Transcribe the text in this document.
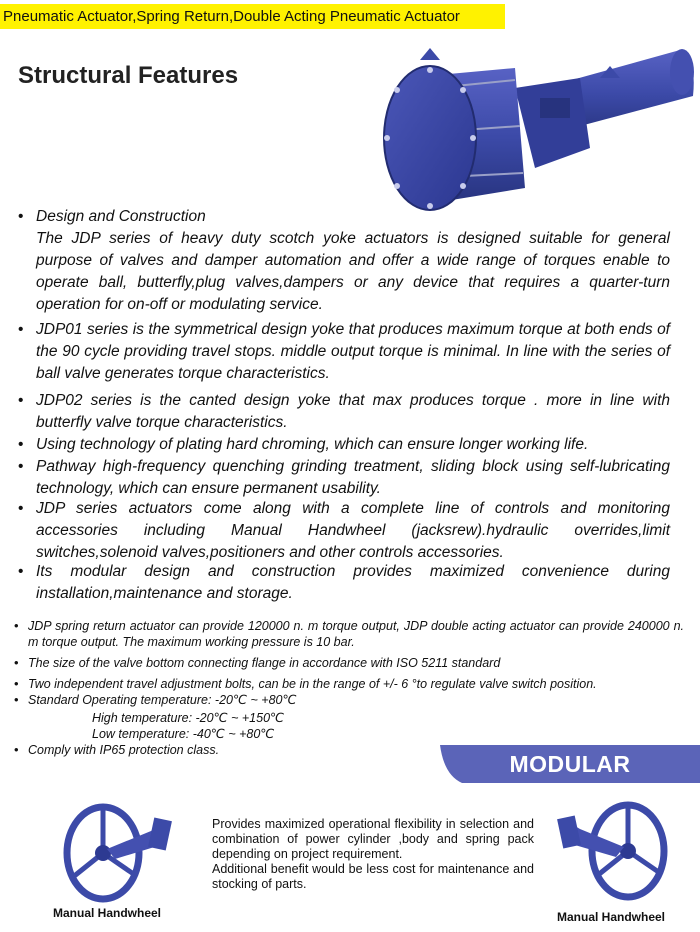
Pneumatic Actuator,Spring Return,Double Acting Pneumatic Actuator
Structural Features
• Design and Construction
The JDP series of heavy duty scotch yoke actuators is designed suitable for general purpose of valves and damper automation and offer a wide range of torques enable to operate ball, butterfly,plug valves,dampers or any device that requires a quarter-turn operation for on-off or modulating service.

• JDP01 series is the symmetrical design yoke that produces maximum torque at both ends of the 90 cycle providing travel stops. middle output torque is minimal. In line with the series of ball valve generates torque characteristics.

• JDP02 series is the canted design yoke that max produces torque . more in line with butterfly valve torque characteristics.

• Using technology of plating hard chroming, which can ensure longer working life.

• Pathway high-frequency quenching grinding treatment, sliding block using self-lubricating technology, which can ensure permanent usability.

• JDP series actuators come along with a complete line of controls and monitoring accessories including Manual Handwheel (jacksrew).hydraulic overrides,limit switches,solenoid valves,positioners and other controls accessories.

• Its modular design and construction provides maximized convenience during installation,maintenance and storage.

• JDP spring return actuator can provide 120000 n. m torque output, JDP double acting actuator can provide 240000 n. m torque output. The maximum working pressure is 10 bar.

• The size of the valve bottom connecting flange in accordance with ISO 5211 standard

• Two independent travel adjustment bolts, can be in the range of +/- 6 °to regulate valve switch position.

• Standard Operating temperature: -20℃ ~ +80℃

High temperature: -20℃ ~ +150℃
Low temperature: -40℃ ~ +80℃
• Comply with IP65 protection class.

MODULAR
Manual Handwheel	Manual Handwheel

Provides maximized operational flexibility in selection and combination of power cylinder ,body and spring pack depending on project requirement.

Additional benefit would be less cost for maintenance and stocking of parts.
